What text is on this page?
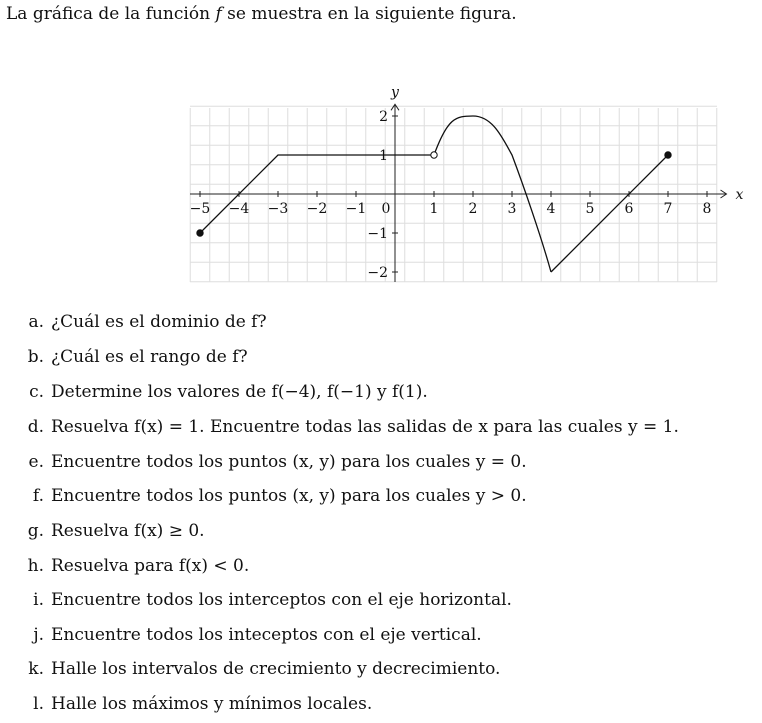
La gráfica de la función f se muestra en la siguiente figura.
−5 −4 −3 −2 −1 0	1 2 3 4 5 6 7 8
2
1
−1
−2
x
y
a. ¿Cuál es el dominio de f?
b. ¿Cuál es el rango de f?
c. Determine los valores de f(−4), f(−1) y f(1).
d. Resuelva f(x) = 1. Encuentre todas las salidas de x para las cuales y = 1.
e. Encuentre todos los puntos (x, y) para los cuales y = 0.
f. Encuentre todos los puntos (x, y) para los cuales y > 0.
g. Resuelva f(x) ≥ 0.
h. Resuelva para f(x) < 0.
i. Encuentre todos los interceptos con el eje horizontal.
j. Encuentre todos los inteceptos con el eje vertical.
k. Halle los intervalos de crecimiento y decrecimiento.
l. Halle los máximos y mínimos locales.
